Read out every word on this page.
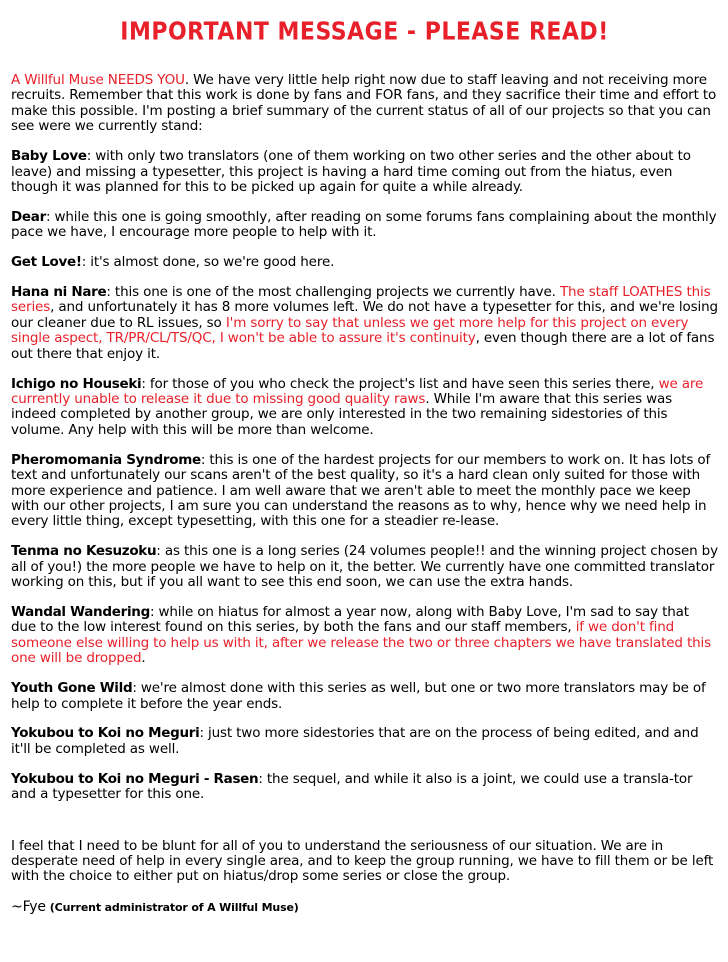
IMPORTANT MESSAGE - PLEASE READ!

A Willful Muse NEEDS YOU. We have very little help right now due to staff leaving and not receiving more recruits. Remember that this work is done by fans and FOR fans, and they sacrifice their time and effort to make this possible. I'm posting a brief summary of the current status of all of our projects so that you can see were we currently stand:

Baby Love: with only two translators (one of them working on two other series and the other about to leave) and missing a typesetter, this project is having a hard time coming out from the hiatus, even though it was planned for this to be picked up again for quite a while already.

Dear: while this one is going smoothly, after reading on some forums fans complaining about the monthly pace we have, I encourage more people to help with it.

Get Love!: it's almost done, so we're good here.

Hana ni Nare: this one is one of the most challenging projects we currently have. The staff LOATHES this series, and unfortunately it has 8 more volumes left. We do not have a typesetter for this, and we're losing our cleaner due to RL issues, so I'm sorry to say that unless we get more help for this project on every single aspect, TR/PR/CL/TS/QC, I won't be able to assure it's continuity, even though there are a lot of fans out there that enjoy it.

Ichigo no Houseki: for those of you who check the project's list and have seen this series there, we are currently unable to release it due to missing good quality raws. While I'm aware that this series was indeed completed by another group, we are only interested in the two remaining sidestories of this volume. Any help with this will be more than welcome.

Pheromomania Syndrome: this is one of the hardest projects for our members to work on. It has lots of text and unfortunately our scans aren't of the best quality, so it's a hard clean only suited for those with more experience and patience. I am well aware that we aren't able to meet the monthly pace we keep with our other projects, I am sure you can understand the reasons as to why, hence why we need help in every little thing, except typesetting, with this one for a steadier re-lease.

Tenma no Kesuzoku: as this one is a long series (24 volumes people!! and the winning project chosen by all of you!) the more people we have to help on it, the better. We currently have one committed translator working on this, but if you all want to see this end soon, we can use the extra hands.

Wandal Wandering: while on hiatus for almost a year now, along with Baby Love, I'm sad to say that due to the low interest found on this series, by both the fans and our staff members, if we don't find someone else willing to help us with it, after we release the two or three chapters we have translated this one will be dropped.

Youth Gone Wild: we're almost done with this series as well, but one or two more translators may be of help to complete it before the year ends.

Yokubou to Koi no Meguri: just two more sidestories that are on the process of being edited, and and it'll be completed as well.

Yokubou to Koi no Meguri - Rasen: the sequel, and while it also is a joint, we could use a transla-tor and a typesetter for this one.

I feel that I need to be blunt for all of you to understand the seriousness of our situation. We are in desperate need of help in every single area, and to keep the group running, we have to fill them or be left with the choice to either put on hiatus/drop some series or close the group.

~Fye (Current administrator of A Willful Muse)
